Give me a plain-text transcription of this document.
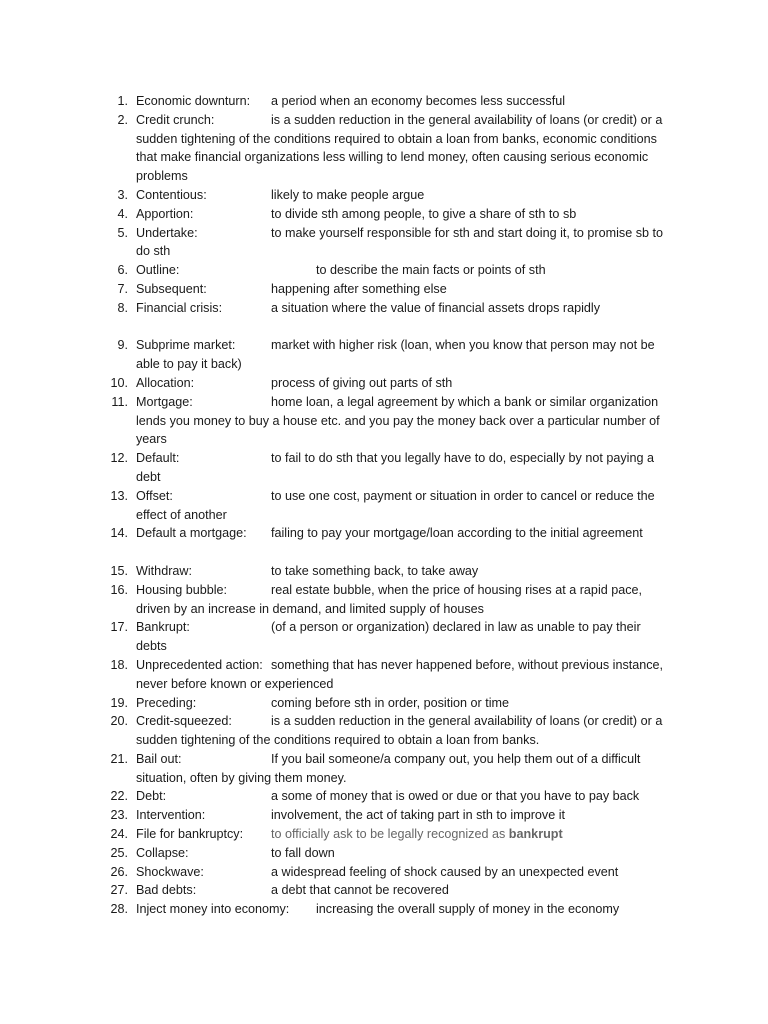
1. Economic downturn: a period when an economy becomes less successful
2. Credit crunch:	is a sudden reduction in the general availability of loans (or credit) or a
sudden tightening of the conditions required to obtain a loan from banks, economic conditions that make financial organizations less willing to lend money, often causing serious economic problems
3. Contentious:	likely to make people argue
4. Apportion:	to divide sth among people, to give a share of sth to sb
5. Undertake:	to make yourself responsible for sth and start doing it, to promise sb to
do sth
6. Outline:	to describe the main facts or points of sth
7. Subsequent:	happening after something else
8. Financial crisis:	a situation where the value of financial assets drops rapidly
9. Subprime market:	market with higher risk (loan, when you know that person may not be
able to pay it back)
10. Allocation:	process of giving out parts of sth
11. Mortgage:	home loan, a legal agreement by which a bank or similar organization
lends you money to buy a house etc. and you pay the money back over a particular number of years
12. Default:	to fail to do sth that you legally have to do, especially by not paying a
debt
13. Offset:	to use one cost, payment or situation in order to cancel or reduce the
effect of another
14. Default a mortgage: failing to pay your mortgage/loan according to the initial agreement
15. Withdraw:	to take something back, to take away
16. Housing bubble:	real estate bubble, when the price of housing rises at a rapid pace,
driven by an increase in demand, and limited supply of houses
17. Bankrupt:	(of a person or organization) declared in law as unable to pay their
debts
18. Unprecedented action: something that has never happened before, without previous instance,
never before known or experienced
19. Preceding:	coming before sth in order, position or time
20. Credit-squeezed:	is a sudden reduction in the general availability of loans (or credit) or a
sudden tightening of the conditions required to obtain a loan from banks.
21. Bail out:	If you bail someone/a company out, you help them out of a difficult
situation, often by giving them money.
22. Debt:	a some of money that is owed or due or that you have to pay back
23. Intervention:	involvement, the act of taking part in sth to improve it
24. File for bankruptcy: to officially ask to be legally recognized as bankrupt
25. Collapse:	to fall down
26. Shockwave:	a widespread feeling of shock caused by an unexpected event
27. Bad debts:	a debt that cannot be recovered
28. Inject money into economy: increasing the overall supply of money in the economy
